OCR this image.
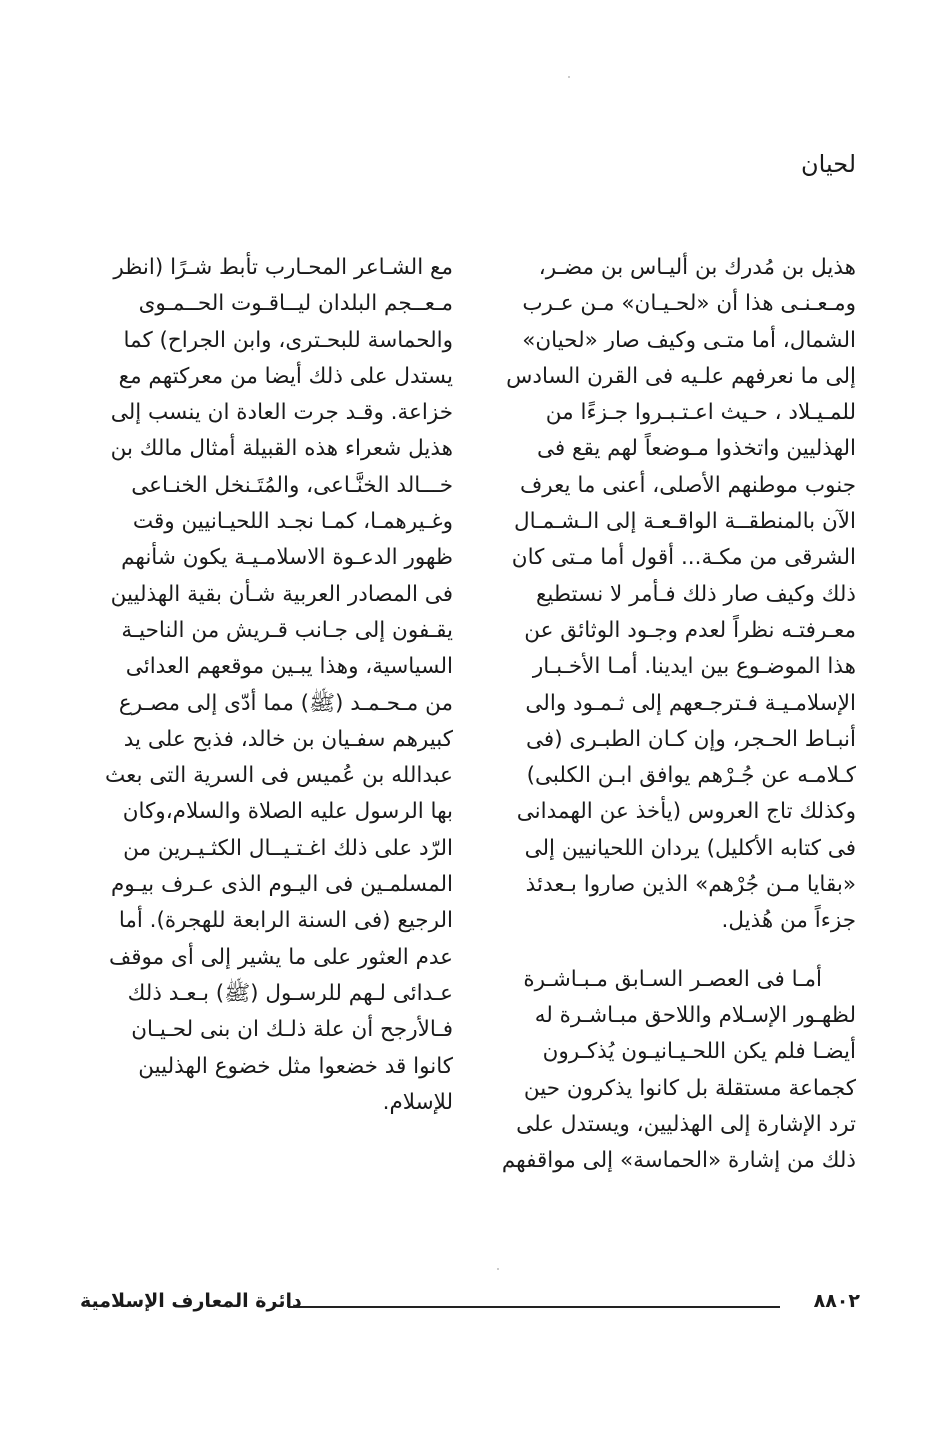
لحيان
هذيل بن مُدرك بن أليـاس بن مضـر،
ومـعـنـى هذا أن «لحـيـان» مـن عـرب
الشمال، أما متـى وكيف صار «لحيان»
إلى ما نعرفهم علـيه فى القرن السادس
للمـيـلاد ، حـيث اعـتـبـروا جـزءًا من
الهذليين واتخذوا مـوضعاً لهم يقع فى
جنوب موطنهم الأصلى، أعنى ما يعرف
الآن بالمنطقــة الواقـعـة إلى الـشـمـال
الشرقى من مكـة... أقول أما مـتى كان
ذلك وكيف صار ذلك فـأمر لا نستطيع
معـرفتـه نظراً لعدم وجـود الوثائق عن
هذا الموضـوع بين ايدينا. أمـا الأخـبـار
الإسلامـيـة فـترجـعهم إلى ثـمـود والى
أنبـاط الحـجر، وإن كـان الطبـرى (فى
كـلامـه عن جُـرْهم يوافق ابـن الكلبى)
وكذلك تاج العروس (يأخذ عن الهمدانى
فى كتابه الأكليل) يردان اللحيانيين إلى
«بقايا مـن جُرْهم» الذين صاروا بـعدئذ
جزءاً من هُذيل.
أمـا فى العصـر السـابق مـبـاشـرة
لظهـور الإسـلام واللاحق مبـاشـرة له
أيضـا فلم يكن اللحـيـانيـون يُذكـرون
كجماعة مستقلة بل كانوا يذكرون حين
ترد الإشارة إلى الهذليين، ويستدل على
ذلك من إشارة «الحماسة» إلى مواقفهم
مع الشـاعر المحـارب تأبط شـرًا (انظر
مـعــجم البلدان ليــاقـوت الحــمـوى
والحماسة للبحـترى، وابن الجراح) كما
يستدل على ذلك أيضا من معركتهم مع
خزاعة. وقـد جرت العادة ان ينسب إلى
هذيل شعراء هذه القبيلة أمثال مالك بن
خـــالد الخنَّـاعى، والمُتَـنخل الخنـاعى
وغـيرهمـا، كمـا نجـد اللحيـانيين وقت
ظهور الدعـوة الاسلامـيـة يكون شأنهم
فى المصادر العربية شـأن بقية الهذليين
يقـفون إلى جـانب قـريش من الناحيـة
السياسية، وهذا يبـين موقعهم العدائى
من مـحـمـد (ﷺ) مما أدّى إلى مصـرع
كبيرهم سفـيان بن خالد، فذبح على يد
عبدالله بن عُميس فى السرية التى بعث
بها الرسول عليه الصلاة والسلام،وكان
الرّد على ذلك اغـتـيــال الكثـيـرين من
المسلمـين فى اليـوم الذى عـرف بيـوم
الرجيع (فى السنة الرابعة للهجرة). أما
عدم العثور على ما يشير إلى أى موقف
عـدائى لـهم للرسـول (ﷺ) بـعـد ذلك
فـالأرجح أن علة ذلـك ان بنى لحـيـان
كانوا قد خضعوا مثل خضوع الهذليين
للإسلام.
دائرة المعارف الإسلامية	٨٨٠٢
